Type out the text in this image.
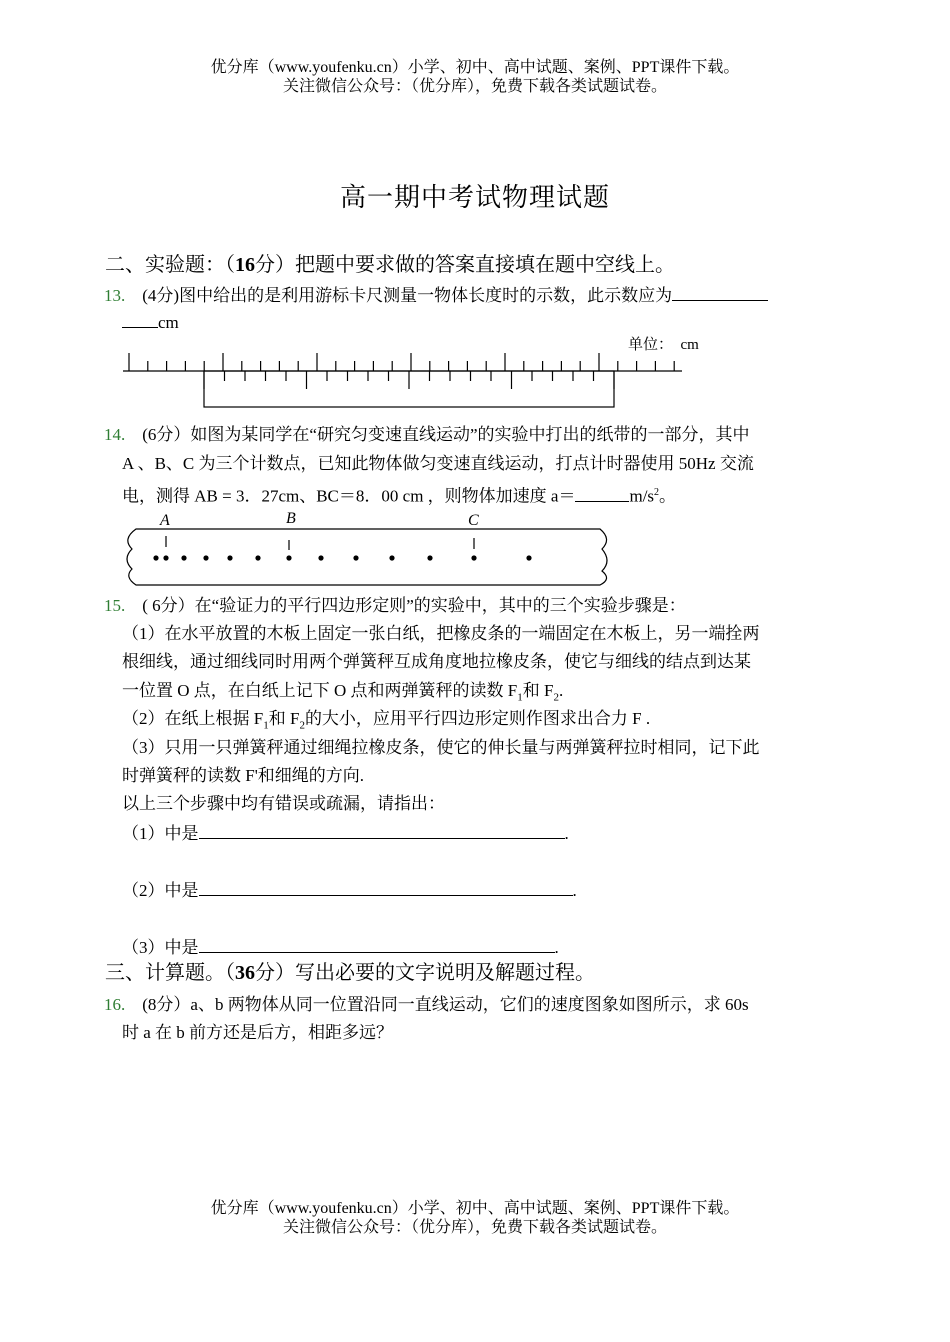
优分库（www.youfenku.cn）小学、初中、高中试题、案例、PPT课件下载。
关注微信公众号：（优分库），免费下载各类试题试卷。
高一期中考试物理试题
二、实验题：（16分）把题中要求做的答案直接填在题中空线上。
13. (4分)图中给出的是利用游标卡尺测量一物体长度时的示数，此示数应为
cm
单位：  cm
14. (6分）如图为某同学在“研究匀变速直线运动”的实验中打出的纸带的一部分，其中
A 、B、C 为三个计数点，已知此物体做匀变速直线运动，打点计时器使用 50Hz 交流
电，测得 AB = 3．27cm、BC＝8．00 cm ，则物体加速度 a＝	$m/s^2$。
A	B	C
15. ( 6分）在“验证力的平行四边形定则”的实验中，其中的三个实验步骤是：
（1）在水平放置的木板上固定一张白纸，把橡皮条的一端固定在木板上，另一端拴两
根细线，通过细线同时用两个弹簧秤互成角度地拉橡皮条，使它与细线的结点到达某
一位置 O 点，在白纸上记下 O 点和两弹簧秤的读数 $F_1$和 $F_2$.
（2）在纸上根据 $F_1$和 $F_2$的大小，应用平行四边形定则作图求出合力 F .
（3）只用一只弹簧秤通过细绳拉橡皮条，使它的伸长量与两弹簧秤拉时相同，记下此
时弹簧秤的读数 F'和细绳的方向.
以上三个步骤中均有错误或疏漏，请指出：
（1）中是	.
（2）中是	.
（3）中是	.
三、计算题。（36分）写出必要的文字说明及解题过程。
16. (8分）a、b 两物体从同一位置沿同一直线运动，它们的速度图象如图所示，求 60s
时 a 在 b 前方还是后方，相距多远？
优分库（www.youfenku.cn）小学、初中、高中试题、案例、PPT课件下载。
关注微信公众号：（优分库），免费下载各类试题试卷。
